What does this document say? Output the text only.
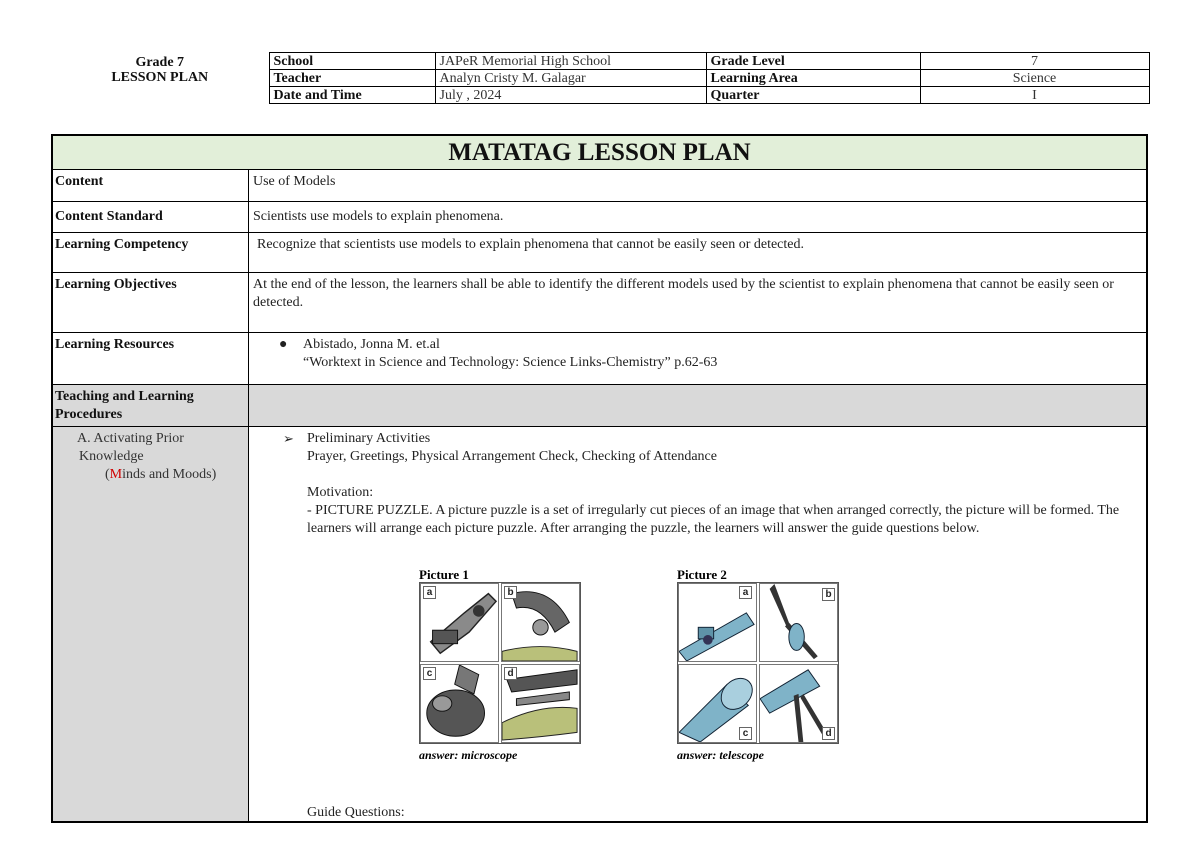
Grade 7
LESSON PLAN	School	JAPeR Memorial High School	Grade Level	7
	Teacher	Analyn Cristy M. Galagar	Learning Area	Science
	Date and Time	July , 2024	Quarter	I
MATATAG LESSON PLAN
Content	Use of Models
Content Standard	Scientists use models to explain phenomena.
Learning Competency	Recognize that scientists use models to explain phenomena that cannot be easily seen or detected.
Learning Objectives	At the end of the lesson, the learners shall be able to identify the different models used by the scientist to explain phenomena that cannot be easily seen or detected.
Learning Resources	● Abistado, Jonna M. et.al
“Worktext in Science and Technology: Science Links-Chemistry” p.62-63
Teaching and Learning Procedures
A. Activating Prior
Knowledge
(Minds and Moods)
➢ Preliminary Activities
Prayer, Greetings, Physical Arrangement Check, Checking of Attendance
Motivation:
- PICTURE PUZZLE. A picture puzzle is a set of irregularly cut pieces of an image that when arranged correctly, the picture will be formed. The learners will arrange each picture puzzle. After arranging the puzzle, the learners will answer the guide questions below.
Picture 1
a	b
c	d
answer: microscope
Picture 2
a	b
c	d
answer: telescope
Guide Questions:
